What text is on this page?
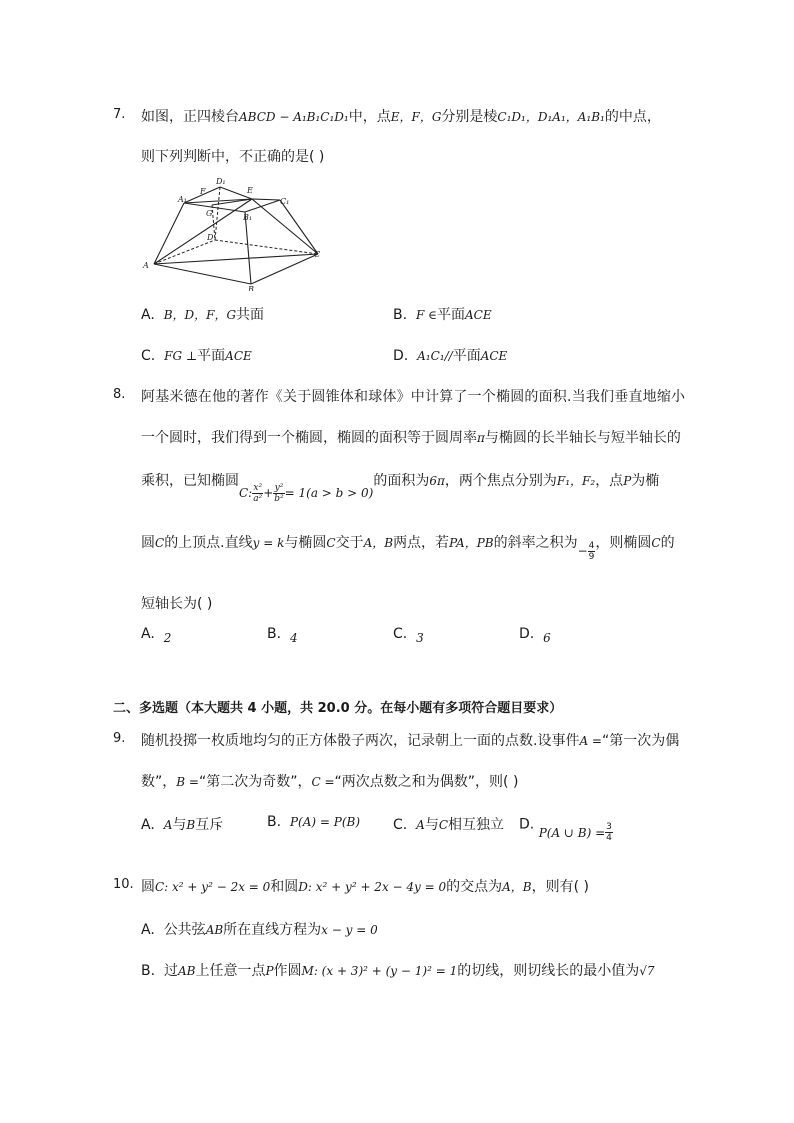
7. 如图，正四棱台ABCD − A₁B₁C₁D₁中，点E，F，G分别是棱C₁D₁，D₁A₁，A₁B₁的中点，
则下列判断中，不正确的是( )
D₁
F	E
C₁
A₁
G	B₁
D
A
C
B
A. B，D，F，G共面	B. F ∈平面ACE
C. FG ⊥平面ACE	D. A₁C₁//平面ACE
8. 阿基米德在他的著作《关于圆锥体和球体》中计算了一个椭圆的面积.当我们垂直地缩小
一个圆时，我们得到一个椭圆，椭圆的面积等于圆周率π与椭圆的长半轴长与短半轴长的
乘积，已知椭圆C: $\frac{\text{x²}}{\text{a²}} + \frac{\text{y²}}{\text{b²}} = 1(a > b > 0)$的面积为6π，两个焦点分别为F₁，F₂，点P为椭
圆C的上顶点.直线y = k与椭圆C交于A，B两点，若PA，PB的斜率之积为− $\frac{4}{9}$ ，则椭圆C的
短轴长为( )
A. 2	B. 4	C. 3	D. 6
二、多选题（本大题共 4 小题，共 20.0 分。在每小题有多项符合题目要求）
9. 随机投掷一枚质地均匀的正方体骰子两次，记录朝上一面的点数.设事件A =“第一次为偶
数”，B =“第二次为奇数”，C =“两次点数之和为偶数”，则( )
A. A与B互斥	B. P(A) = P(B) C. A与C相互独立 D. P(A ∪ $B) = \frac{3}{4}$
10. 圆C: x² + y² − 2x = 0和圆D: x² + y² + 2x − 4y = 0的交点为A，B，则有( )
A. 公共弦AB所在直线方程为x − y = 0
B. 过AB上任意一点P作圆M: (x + 3)² + (y − 1)² = 1的切线，则切线长的最小值为√7
